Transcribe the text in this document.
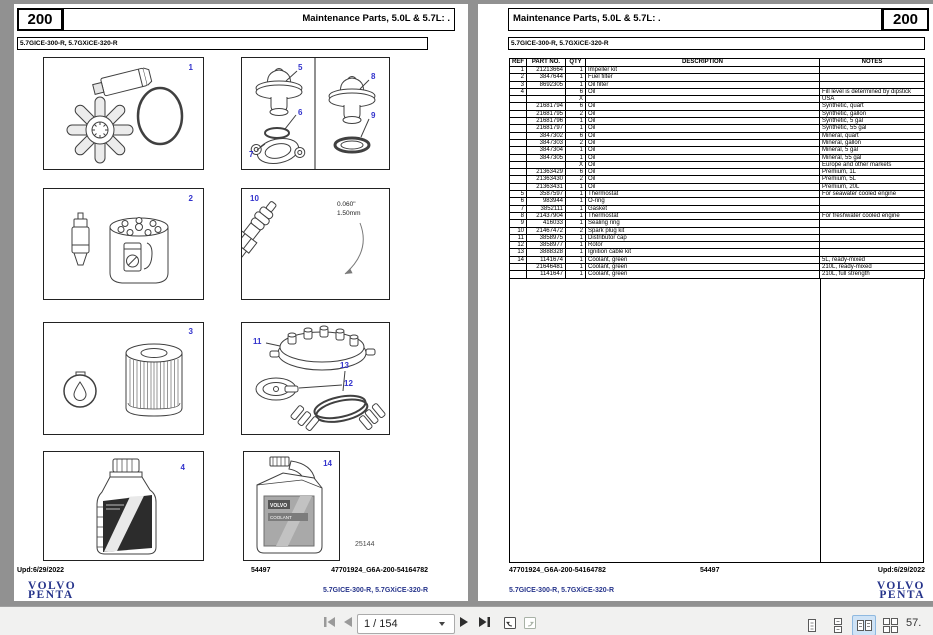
200	Maintenance Parts, 5.0L & 5.7L: .
5.7GICE-300-R, 5.7GXiCE-320-R
1	5
6
7
8
9
2	10
0.060"
1.50mm
3
11
12
13
4
VOLVO
COOLANT
14
25144
Upd:6/29/2022	54497	47701924_G6A-200-54164782
VOLVO
PENTA	5.7GICE-300-R, 5.7GXiCE-320-R
Maintenance Parts, 5.0L & 5.7L: .	200
5.7GICE-300-R, 5.7GXiCE-320-R
REF	PART NO.	QTY	DESCRIPTION	NOTES
1	21213664	1	Impeller kit	
2	3847644	1	Fuel filter	
3	8692305	1	Oil filter	
4		6	Oil	Fill level is determined by dipstick
		X		USA
	21681794	6	Oil	Synthetic, quart
	21681795	2	Oil	Synthetic, gallon
	21681796	1	Oil	Synthetic, 5 gal
	21681797	1	Oil	Synthetic, 55 gal
	3847302	6	Oil	Mineral, quart
	3847303	2	Oil	Mineral, gallon
	3847304	1	Oil	Mineral, 5 gal
	3847305	1	Oil	Mineral, 55 gal
		X	Oil	Europe and other markets
	21363429	6	Oil	Premium, 1L
	21363430	2	Oil	Premium, 5L
	21363431	1	Oil	Premium, 20L
5	3587597	1	Thermostat	For seawater cooled engine
6	983944	1	O-ring	
7	3852111	1	Gasket	
8	21437904	1	Thermostat	For freshwater cooled engine
9	416033	1	Sealing ring	
10	21467472	2	Spark plug kit	
11	3858975	1	Distributor cap	
12	3858977	1	Rotor	
13	3888328	1	Ignition cable kit	
14	1141674	1	Coolant, green	5L, ready-mixed
	21646481	1	Coolant, green	210L, ready-mixed
	1141647	1	Coolant, green	210L, full strength
47701924_G6A-200-54164782	54497	Upd:6/29/2022
5.7GICE-300-R, 5.7GXiCE-320-R	VOLVO
PENTA
1 / 154
57.
